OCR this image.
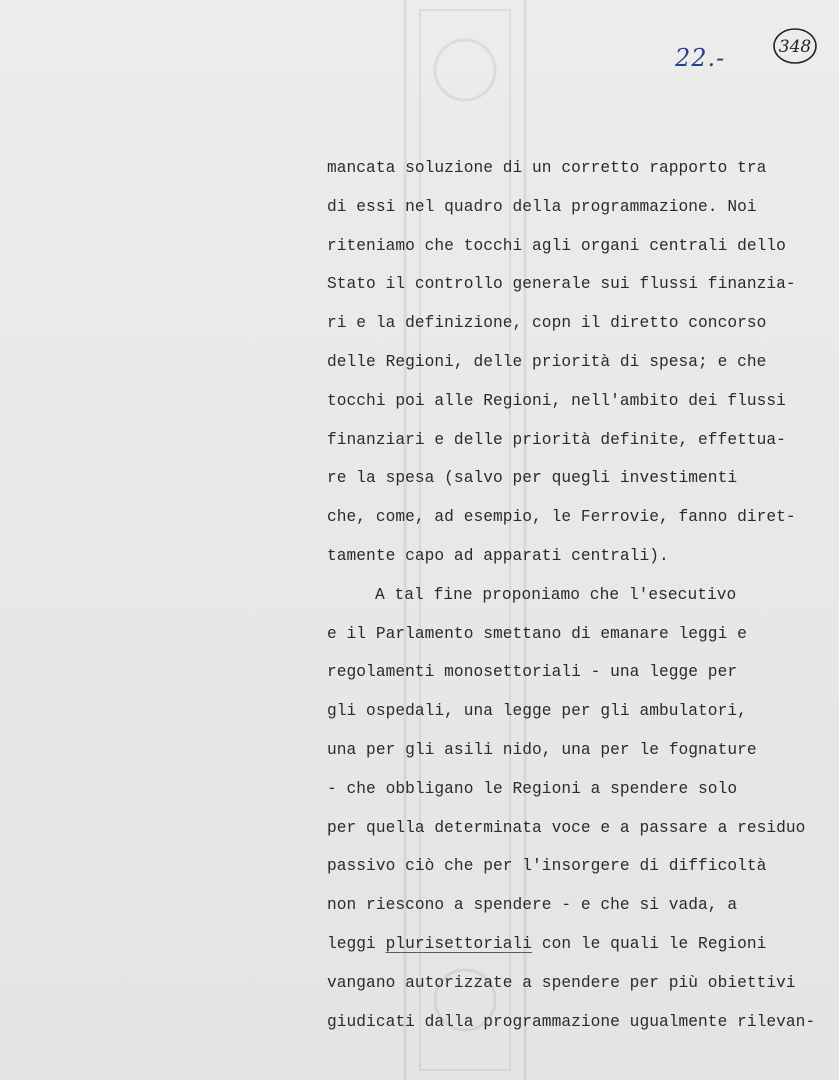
22.-	348
mancata soluzione di un corretto rapporto tra
di essi nel quadro della programmazione. Noi
riteniamo che tocchi agli organi centrali dello
Stato il controllo generale sui flussi finanzia-
ri e la definizione, copn il diretto concorso
delle Regioni, delle priorità di spesa; e che
tocchi poi alle Regioni, nell'ambito dei flussi
finanziari e delle priorità definite, effettua-
re la spesa (salvo per quegli investimenti
che, come, ad esempio, le Ferrovie, fanno diret-
tamente capo ad apparati centrali).
A tal fine proponiamo che l'esecutivo
e il Parlamento smettano di emanare leggi e
regolamenti monosettoriali - una legge per
gli ospedali, una legge per gli ambulatori,
una per gli asili nido, una per le fognature
- che obbligano le Regioni a spendere solo
per quella determinata voce e a passare a residuo
passivo ciò che per l'insorgere di difficoltà
non riescono a spendere - e che si vada, a
leggi plurisettoriali con le quali le Regioni
vangano autorizzate a spendere per più obiettivi
giudicati dalla programmazione ugualmente rilevan-
